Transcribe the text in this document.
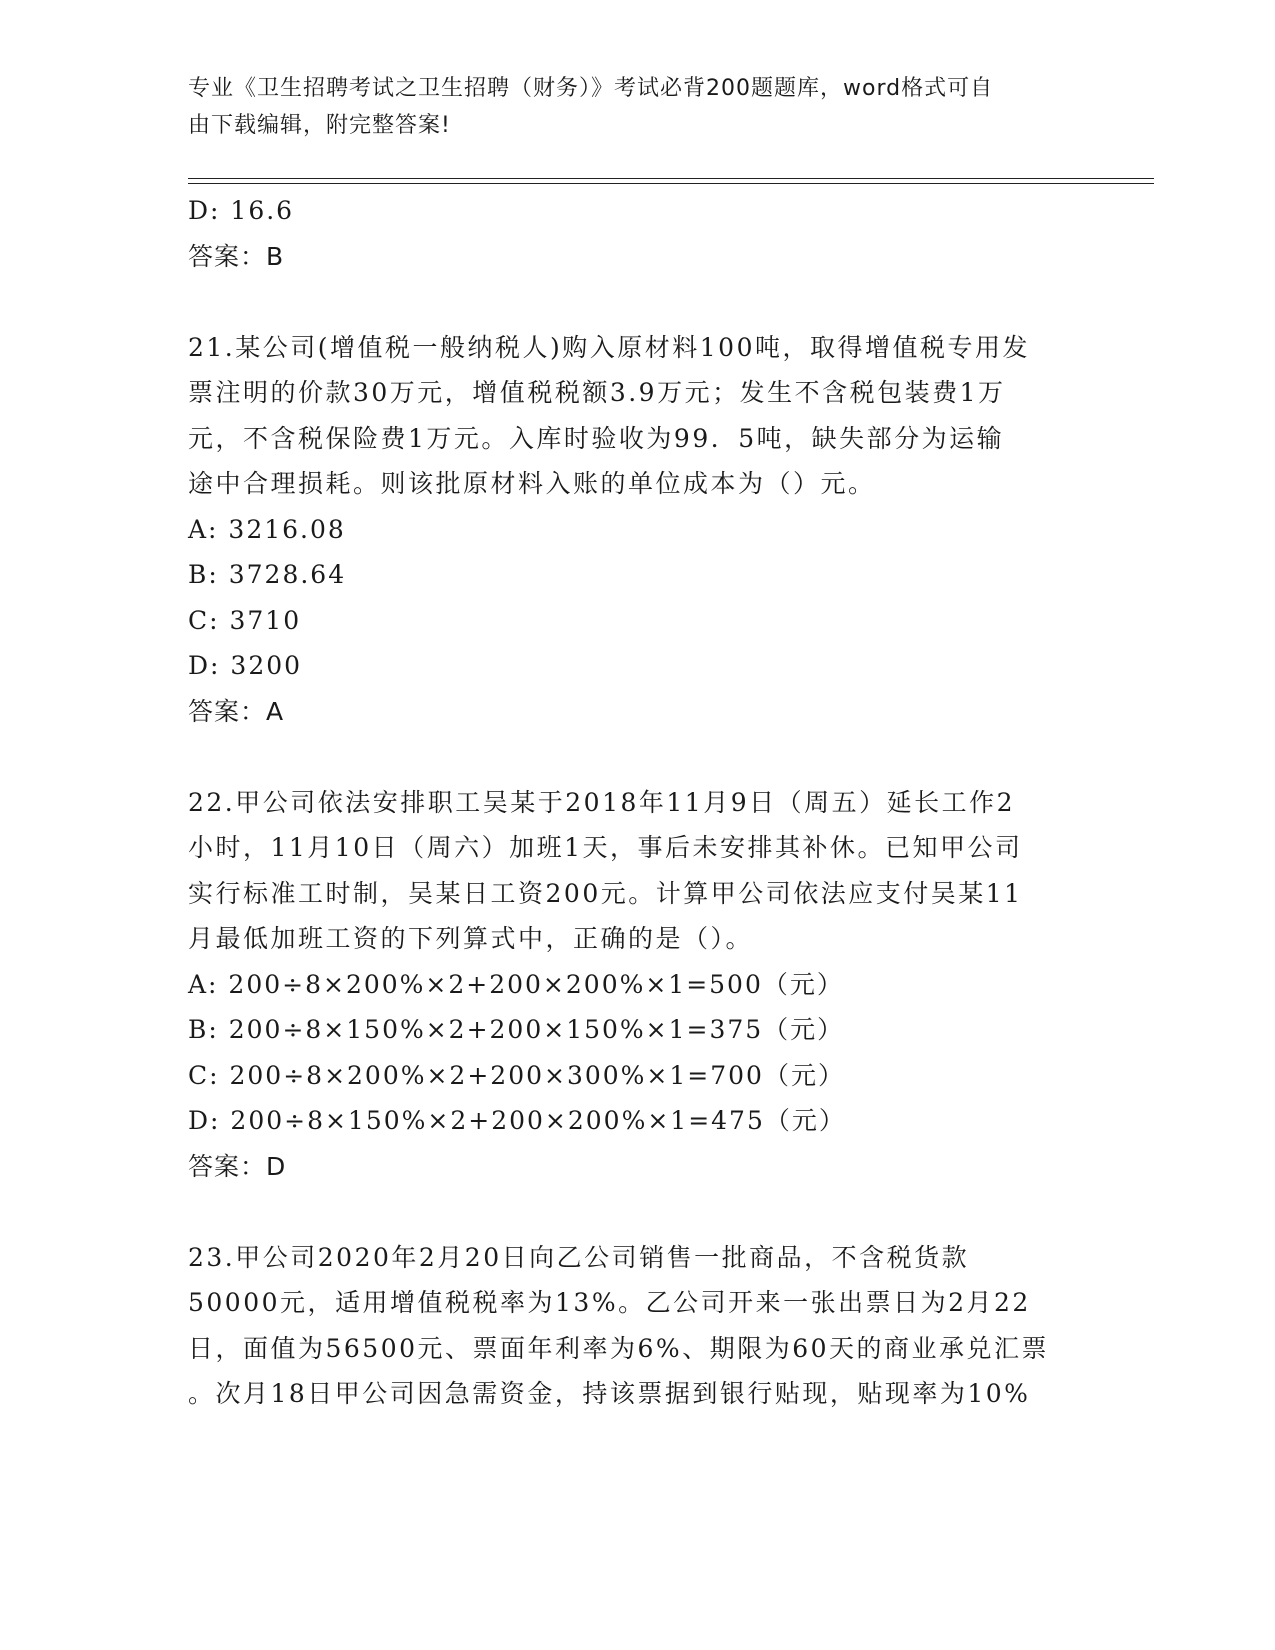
专业《卫生招聘考试之卫生招聘（财务）》考试必背200题题库，word格式可自
由下载编辑，附完整答案!
D: 16.6
答案：B
21.某公司(增值税一般纳税人)购入原材料100吨，取得增值税专用发
票注明的价款30万元，增值税税额3.9万元；发生不含税包装费1万
元，不含税保险费1万元。入库时验收为99．5吨，缺失部分为运输
途中合理损耗。则该批原材料入账的单位成本为（）元。
A: 3216.08
B: 3728.64
C: 3710
D: 3200
答案：A
22.甲公司依法安排职工吴某于2018年11月9日（周五）延长工作2
小时，11月10日（周六）加班1天，事后未安排其补休。已知甲公司
实行标准工时制，吴某日工资200元。计算甲公司依法应支付吴某11
月最低加班工资的下列算式中，正确的是（）。
A: 200÷8×200%×2+200×200%×1=500（元）
B: 200÷8×150%×2+200×150%×1=375（元）
C: 200÷8×200%×2+200×300%×1=700（元）
D: 200÷8×150%×2+200×200%×1=475（元）
答案：D
23.甲公司2020年2月20日向乙公司销售一批商品，不含税货款
50000元，适用增值税税率为13%。乙公司开来一张出票日为2月22
日，面值为56500元、票面年利率为6%、期限为60天的商业承兑汇票
。次月18日甲公司因急需资金，持该票据到银行贴现，贴现率为10%
